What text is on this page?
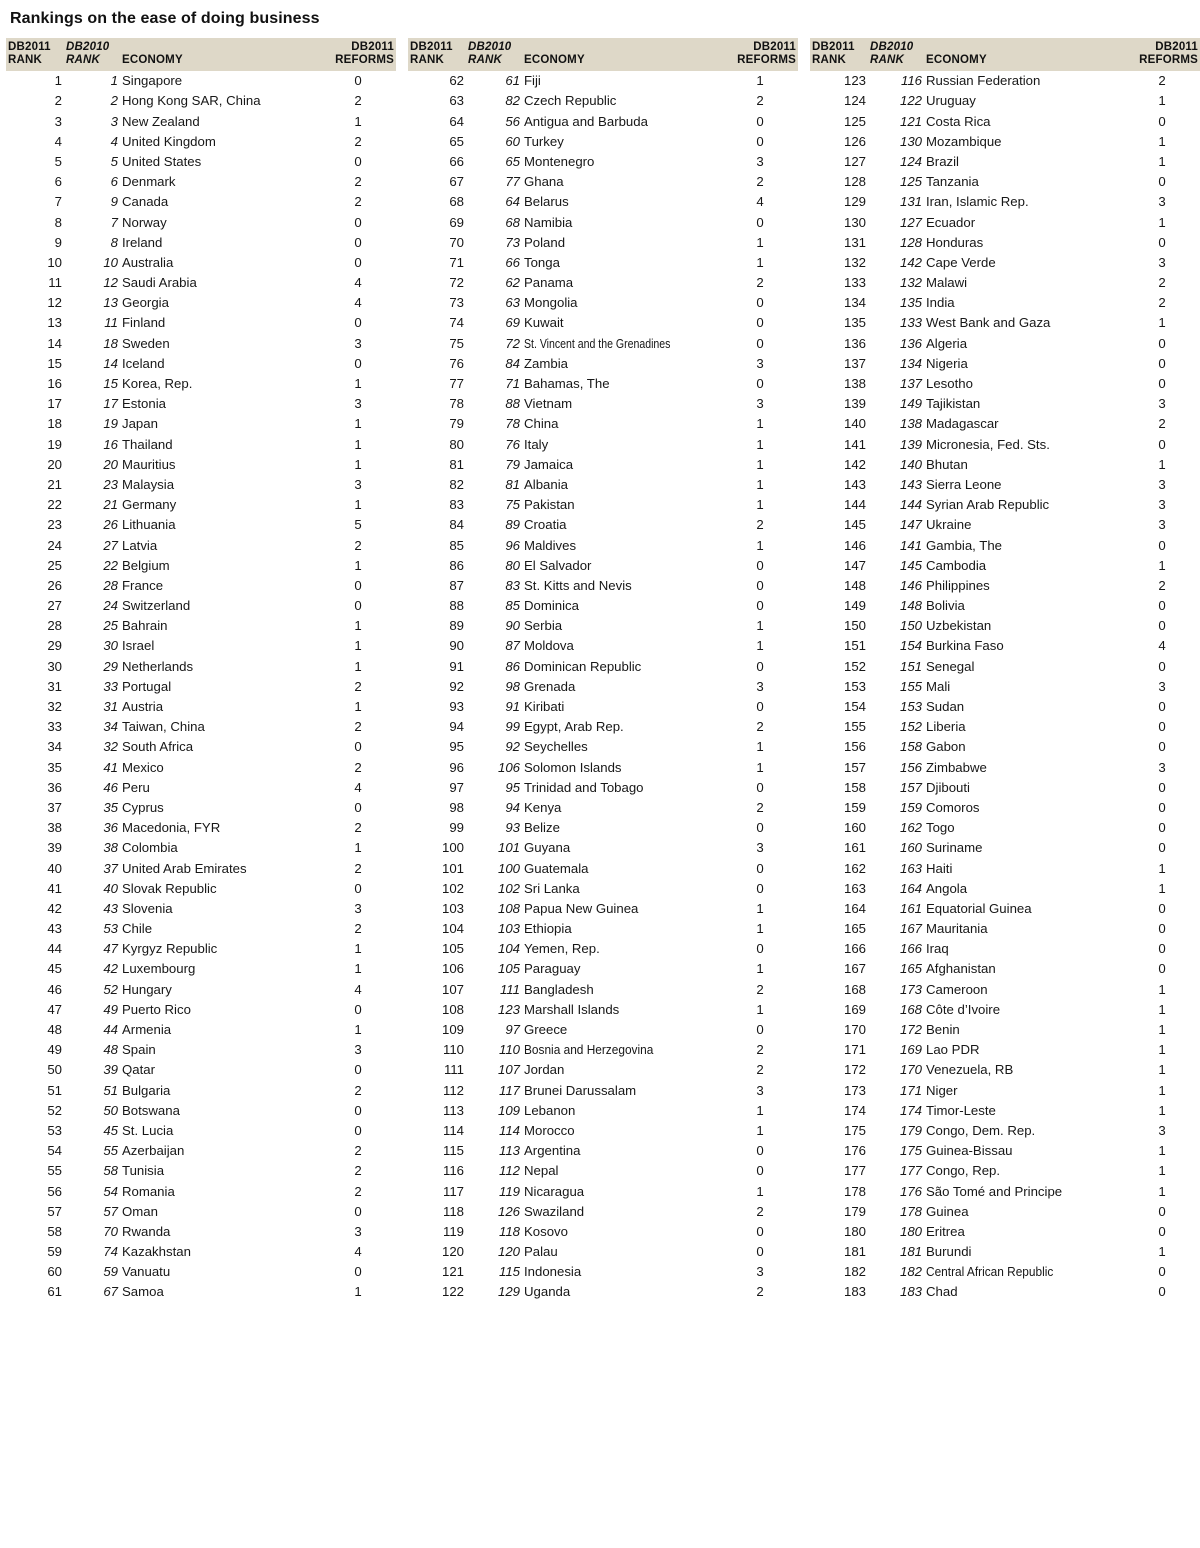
Rankings on the ease of doing business
DB2011
RANK	DB2010
RANK	ECONOMY	DB2011
REFORMS

1	1	Singapore	0
2	2	Hong Kong SAR, China	2
3	3	New Zealand	1
4	4	United Kingdom	2
5	5	United States	0
6	6	Denmark	2
7	9	Canada	2
8	7	Norway	0
9	8	Ireland	0
10	10	Australia	0
11	12	Saudi Arabia	4
12	13	Georgia	4
13	11	Finland	0
14	18	Sweden	3
15	14	Iceland	0
16	15	Korea, Rep.	1
17	17	Estonia	3
18	19	Japan	1
19	16	Thailand	1
20	20	Mauritius	1
21	23	Malaysia	3
22	21	Germany	1
23	26	Lithuania	5
24	27	Latvia	2
25	22	Belgium	1
26	28	France	0
27	24	Switzerland	0
28	25	Bahrain	1
29	30	Israel	1
30	29	Netherlands	1
31	33	Portugal	2
32	31	Austria	1
33	34	Taiwan, China	2
34	32	South Africa	0
35	41	Mexico	2
36	46	Peru	4
37	35	Cyprus	0
38	36	Macedonia, FYR	2
39	38	Colombia	1
40	37	United Arab Emirates	2
41	40	Slovak Republic	0
42	43	Slovenia	3
43	53	Chile	2
44	47	Kyrgyz Republic	1
45	42	Luxembourg	1
46	52	Hungary	4
47	49	Puerto Rico	0
48	44	Armenia	1
49	48	Spain	3
50	39	Qatar	0
51	51	Bulgaria	2
52	50	Botswana	0
53	45	St. Lucia	0
54	55	Azerbaijan	2
55	58	Tunisia	2
56	54	Romania	2
57	57	Oman	0
58	70	Rwanda	3
59	74	Kazakhstan	4
60	59	Vanuatu	0
61	67	Samoa	1
DB2011
RANK	DB2010
RANK	ECONOMY	DB2011
REFORMS

62	61	Fiji	1
63	82	Czech Republic	2
64	56	Antigua and Barbuda	0
65	60	Turkey	0
66	65	Montenegro	3
67	77	Ghana	2
68	64	Belarus	4
69	68	Namibia	0
70	73	Poland	1
71	66	Tonga	1
72	62	Panama	2
73	63	Mongolia	0
74	69	Kuwait	0
75	72	St. Vincent and the Grenadines	0
76	84	Zambia	3
77	71	Bahamas, The	0
78	88	Vietnam	3
79	78	China	1
80	76	Italy	1
81	79	Jamaica	1
82	81	Albania	1
83	75	Pakistan	1
84	89	Croatia	2
85	96	Maldives	1
86	80	El Salvador	0
87	83	St. Kitts and Nevis	0
88	85	Dominica	0
89	90	Serbia	1
90	87	Moldova	1
91	86	Dominican Republic	0
92	98	Grenada	3
93	91	Kiribati	0
94	99	Egypt, Arab Rep.	2
95	92	Seychelles	1
96	106	Solomon Islands	1
97	95	Trinidad and Tobago	0
98	94	Kenya	2
99	93	Belize	0
100	101	Guyana	3
101	100	Guatemala	0
102	102	Sri Lanka	0
103	108	Papua New Guinea	1
104	103	Ethiopia	1
105	104	Yemen, Rep.	0
106	105	Paraguay	1
107	111	Bangladesh	2
108	123	Marshall Islands	1
109	97	Greece	0
110	110	Bosnia and Herzegovina	2
111	107	Jordan	2
112	117	Brunei Darussalam	3
113	109	Lebanon	1
114	114	Morocco	1
115	113	Argentina	0
116	112	Nepal	0
117	119	Nicaragua	1
118	126	Swaziland	2
119	118	Kosovo	0
120	120	Palau	0
121	115	Indonesia	3
122	129	Uganda	2
DB2011
RANK	DB2010
RANK	ECONOMY	DB2011
REFORMS

123	116	Russian Federation	2
124	122	Uruguay	1
125	121	Costa Rica	0
126	130	Mozambique	1
127	124	Brazil	1
128	125	Tanzania	0
129	131	Iran, Islamic Rep.	3
130	127	Ecuador	1
131	128	Honduras	0
132	142	Cape Verde	3
133	132	Malawi	2
134	135	India	2
135	133	West Bank and Gaza	1
136	136	Algeria	0
137	134	Nigeria	0
138	137	Lesotho	0
139	149	Tajikistan	3
140	138	Madagascar	2
141	139	Micronesia, Fed. Sts.	0
142	140	Bhutan	1
143	143	Sierra Leone	3
144	144	Syrian Arab Republic	3
145	147	Ukraine	3
146	141	Gambia, The	0
147	145	Cambodia	1
148	146	Philippines	2
149	148	Bolivia	0
150	150	Uzbekistan	0
151	154	Burkina Faso	4
152	151	Senegal	0
153	155	Mali	3
154	153	Sudan	0
155	152	Liberia	0
156	158	Gabon	0
157	156	Zimbabwe	3
158	157	Djibouti	0
159	159	Comoros	0
160	162	Togo	0
161	160	Suriname	0
162	163	Haiti	1
163	164	Angola	1
164	161	Equatorial Guinea	0
165	167	Mauritania	0
166	166	Iraq	0
167	165	Afghanistan	0
168	173	Cameroon	1
169	168	Côte d’Ivoire	1
170	172	Benin	1
171	169	Lao PDR	1
172	170	Venezuela, RB	1
173	171	Niger	1
174	174	Timor-Leste	1
175	179	Congo, Dem. Rep.	3
176	175	Guinea-Bissau	1
177	177	Congo, Rep.	1
178	176	São Tomé and Principe	1
179	178	Guinea	0
180	180	Eritrea	0
181	181	Burundi	1
182	182	Central African Republic	0
183	183	Chad	0
